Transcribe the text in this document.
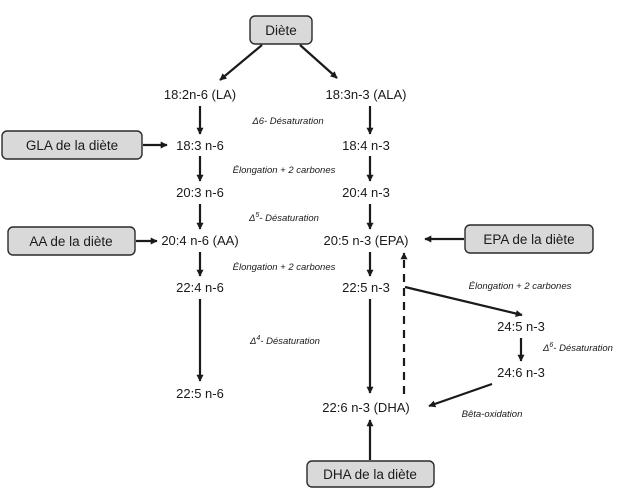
Diète
GLA de la diète
AA de la diète	EPA de la diète
DHA de la diète
18:2n-6 (LA)
18:3 n-6
20:3 n-6
20:4 n-6 (AA)
22:4 n-6
22:5 n-6
18:3n-3 (ALA)
18:4 n-3
20:4 n-3
20:5 n-3 (EPA)
22:5 n-3
22:6 n-3 (DHA)
24:5 n-3
24:6 n-3
Δ6- Désaturation
Élongation + 2 carbones
$\Delta^5-$ Désaturation
Élongation + 2 carbones
$\Delta^4-$ Désaturation
Élongation + 2 carbones
$\Delta^6-$ Désaturation
Bêta-oxidation
